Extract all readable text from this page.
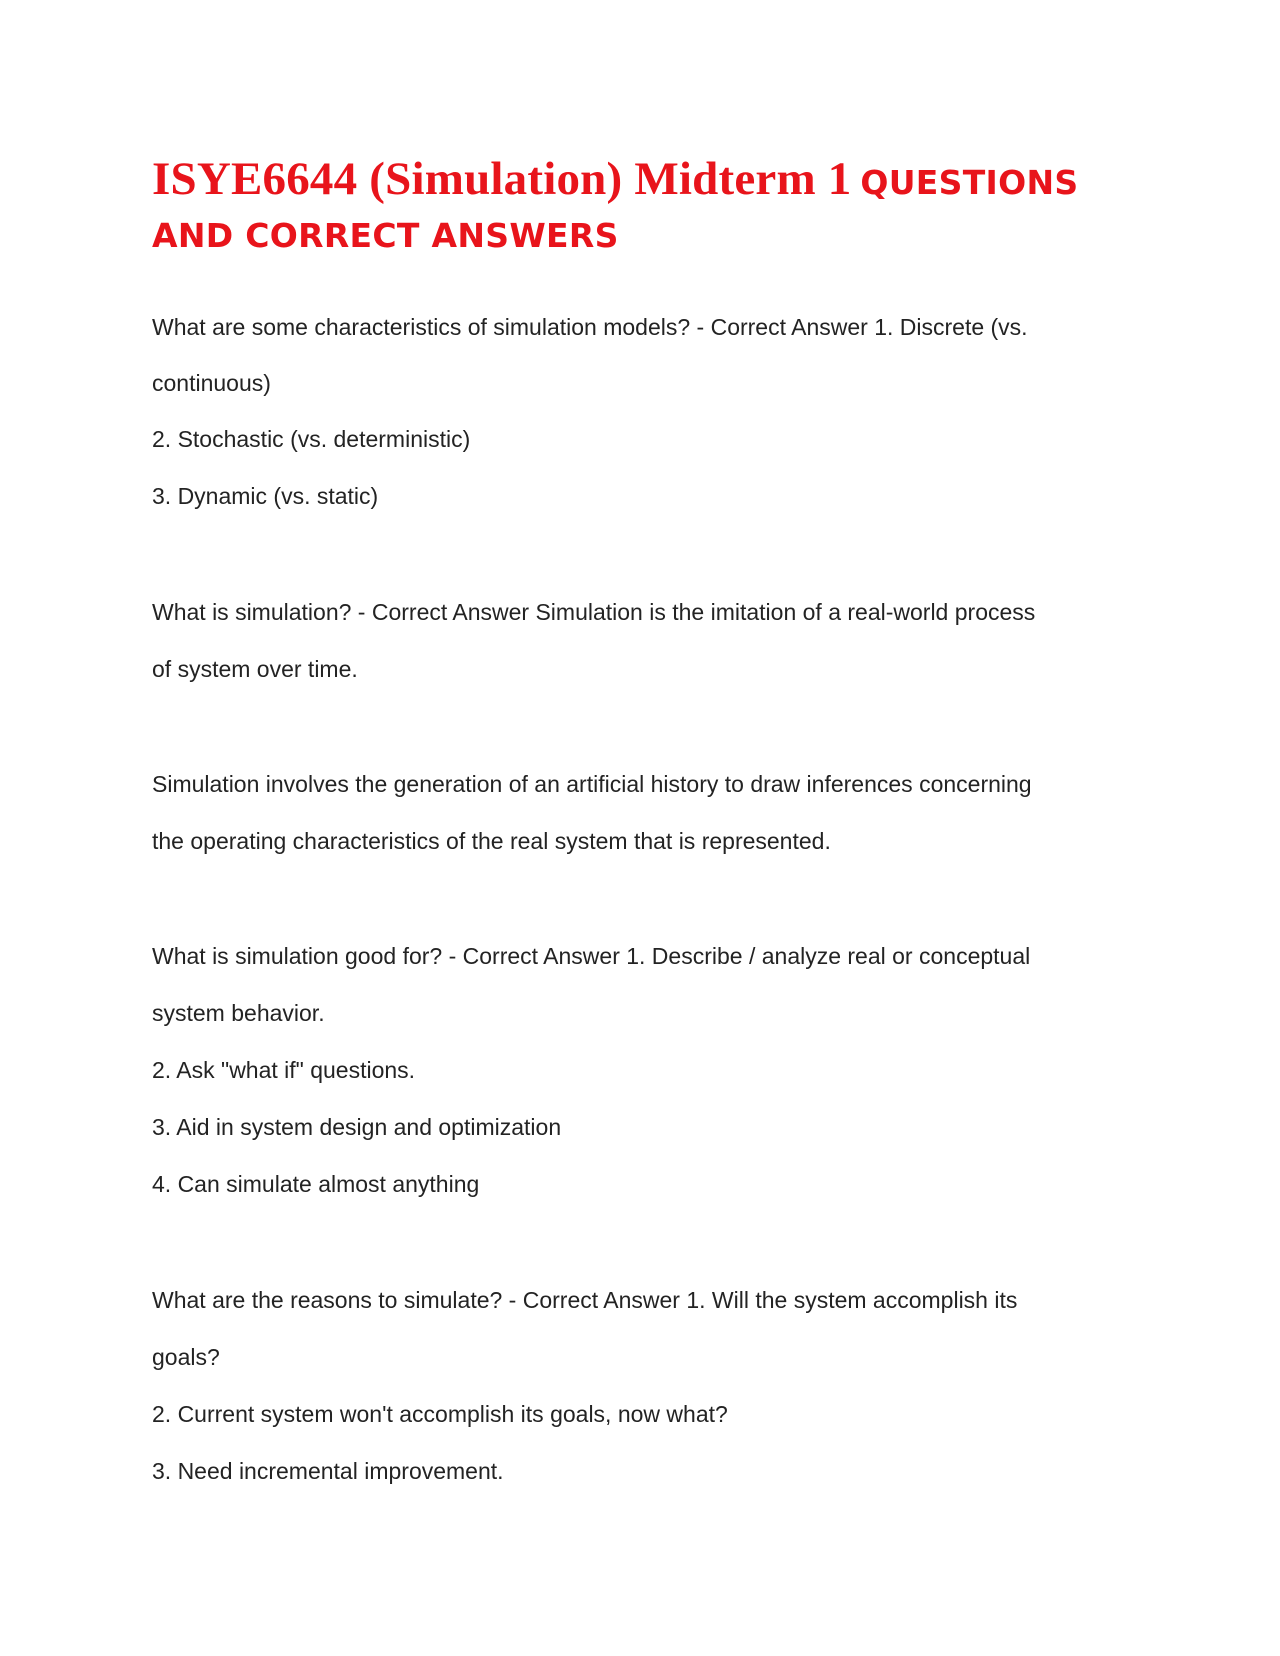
ISYE6644 (Simulation) Midterm 1 QUESTIONS
AND CORRECT ANSWERS
What are some characteristics of simulation models? - Correct Answer 1. Discrete (vs.
continuous)
2. Stochastic (vs. deterministic)
3. Dynamic (vs. static)
What is simulation? - Correct Answer Simulation is the imitation of a real-world process
of system over time.
Simulation involves the generation of an artificial history to draw inferences concerning
the operating characteristics of the real system that is represented.
What is simulation good for? - Correct Answer 1. Describe / analyze real or conceptual
system behavior.
2. Ask "what if" questions.
3. Aid in system design and optimization
4. Can simulate almost anything
What are the reasons to simulate? - Correct Answer 1. Will the system accomplish its
goals?
2. Current system won't accomplish its goals, now what?
3. Need incremental improvement.
